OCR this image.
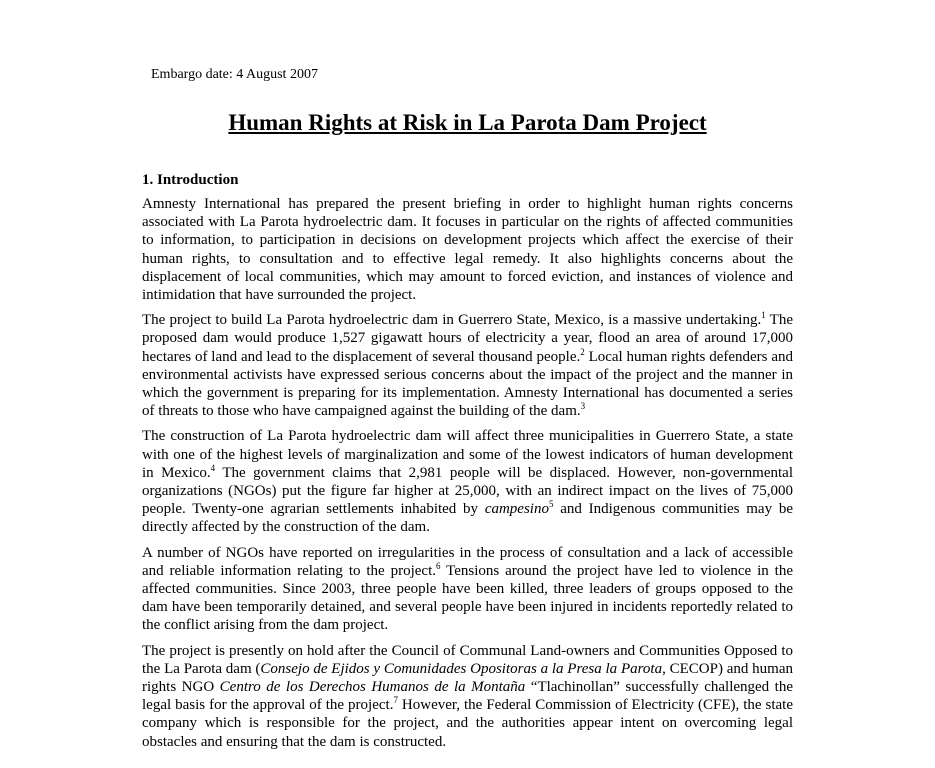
Embargo date: 4 August 2007
Human Rights at Risk in La Parota Dam Project
1. Introduction

Amnesty International has prepared the present briefing in order to highlight human rights concerns associated with La Parota hydroelectric dam. It focuses in particular on the rights of affected communities to information, to participation in decisions on development projects which affect the exercise of their human rights, to consultation and to effective legal remedy. It also highlights concerns about the displacement of local communities, which may amount to forced eviction, and instances of violence and intimidation that have surrounded the project.

The project to build La Parota hydroelectric dam in Guerrero State, Mexico, is a massive undertaking.$^1$ The proposed dam would produce 1,527 gigawatt hours of electricity a year, flood an area of around 17,000 hectares of land and lead to the displacement of several thousand people.$^2$ Local human rights defenders and environmental activists have expressed serious concerns about the impact of the project and the manner in which the government is preparing for its implementation. Amnesty International has documented a series of threats to those who have campaigned against the building of the dam.$^3$

The construction of La Parota hydroelectric dam will affect three municipalities in Guerrero State, a state with one of the highest levels of marginalization and some of the lowest indicators of human development in Mexico.$^4$ The government claims that 2,981 people will be displaced. However, non-governmental organizations (NGOs) put the figure far higher at 25,000, with an indirect impact on the lives of 75,000 people. Twenty-one agrarian settlements inhabited by campesino$^5$ and Indigenous communities may be directly affected by the construction of the dam.

A number of NGOs have reported on irregularities in the process of consultation and a lack of accessible and reliable information relating to the project.$^6$ Tensions around the project have led to violence in the affected communities. Since 2003, three people have been killed, three leaders of groups opposed to the dam have been temporarily detained, and several people have been injured in incidents reportedly related to the conflict arising from the dam project.

The project is presently on hold after the Council of Communal Land-owners and Communities Opposed to the La Parota dam (Consejo de Ejidos y Comunidades Opositoras a la Presa la Parota, CECOP) and human rights NGO Centro de los Derechos Humanos de la Montaña “Tlachinollan” successfully challenged the legal basis for the approval of the project.$^7$ However, the Federal Commission of Electricity (CFE), the state company which is responsible for the project, and the authorities appear intent on overcoming legal obstacles and ensuring that the dam is constructed.
